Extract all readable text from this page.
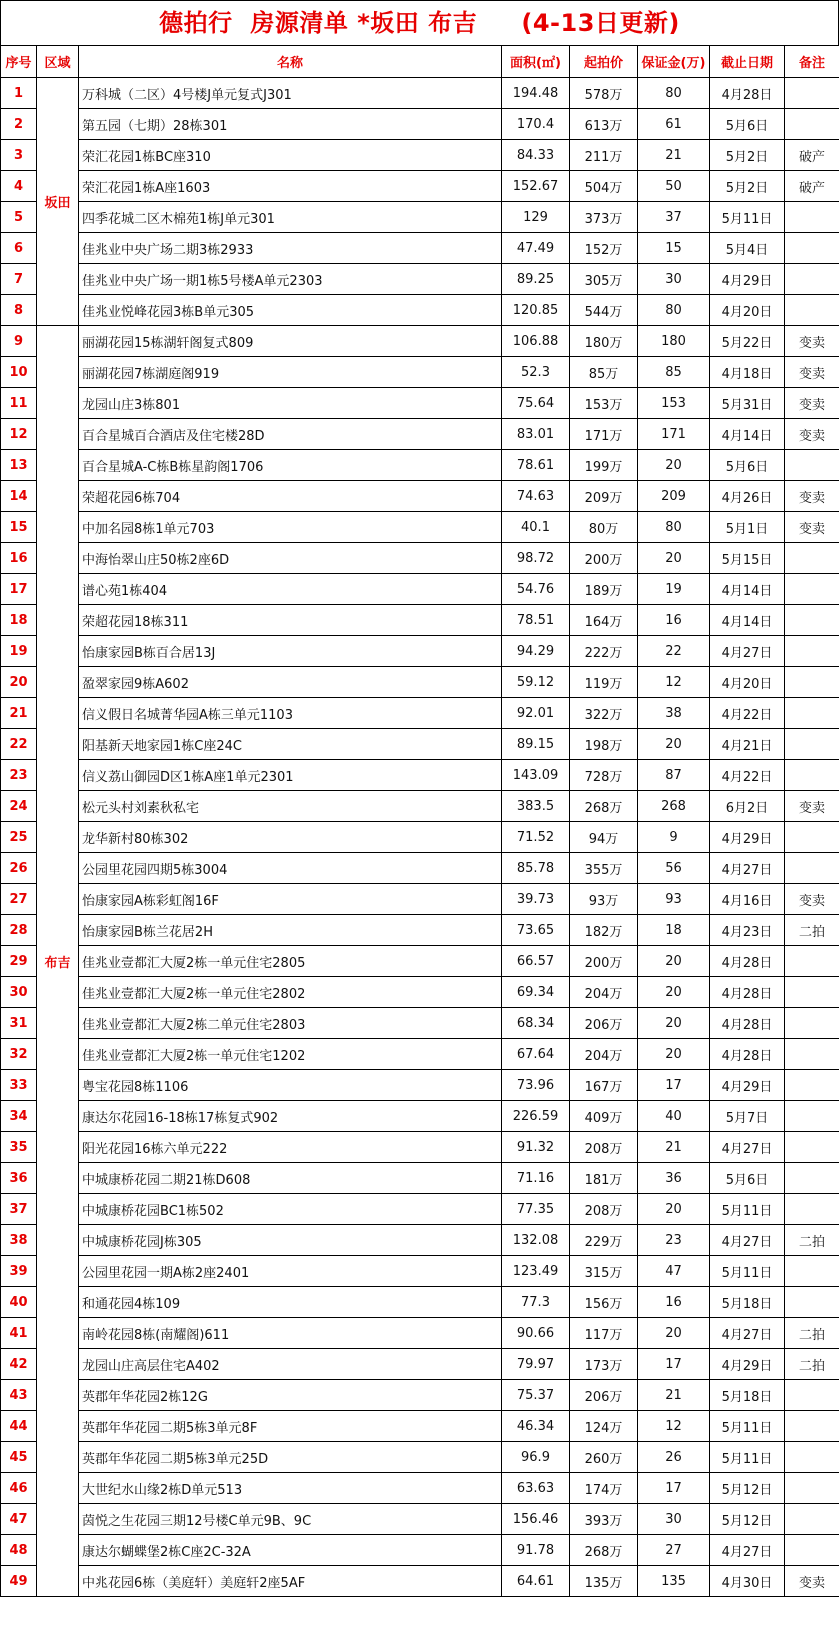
德拍行  房源清单 *坂田 布吉     (4-13日更新)
序号	区域	名称	面积(㎡)	起拍价	保证金(万)	截止日期	备注
1	坂田	万科城（二区）4号楼J单元复式J301	194.48	578万	80	4月28日	
2		第五园（七期）28栋301	170.4	613万	61	5月6日	
3		荣汇花园1栋BC座310	84.33	211万	21	5月2日	破产
4		荣汇花园1栋A座1603	152.67	504万	50	5月2日	破产
5		四季花城二区木棉苑1栋J单元301	129	373万	37	5月11日	
6		佳兆业中央广场二期3栋2933	47.49	152万	15	5月4日	
7		佳兆业中央广场一期1栋5号楼A单元2303	89.25	305万	30	4月29日	
8		佳兆业悦峰花园3栋B单元305	120.85	544万	80	4月20日	
9	布吉	丽湖花园15栋湖轩阁复式809	106.88	180万	180	5月22日	变卖
10		丽湖花园7栋湖庭阁919	52.3	85万	85	4月18日	变卖
11		龙园山庄3栋801	75.64	153万	153	5月31日	变卖
12		百合星城百合酒店及住宅楼28D	83.01	171万	171	4月14日	变卖
13		百合星城A-C栋B栋星韵阁1706	78.61	199万	20	5月6日	
14		荣超花园6栋704	74.63	209万	209	4月26日	变卖
15		中加名园8栋1单元703	40.1	80万	80	5月1日	变卖
16		中海怡翠山庄50栋2座6D	98.72	200万	20	5月15日	
17		谱心苑1栋404	54.76	189万	19	4月14日	
18		荣超花园18栋311	78.51	164万	16	4月14日	
19		怡康家园B栋百合居13J	94.29	222万	22	4月27日	
20		盈翠家园9栋A602	59.12	119万	12	4月20日	
21		信义假日名城菁华园A栋三单元1103	92.01	322万	38	4月22日	
22		阳基新天地家园1栋C座24C	89.15	198万	20	4月21日	
23		信义荔山御园D区1栋A座1单元2301	143.09	728万	87	4月22日	
24		松元头村刘素秋私宅	383.5	268万	268	6月2日	变卖
25		龙华新村80栋302	71.52	94万	9	4月29日	
26		公园里花园四期5栋3004	85.78	355万	56	4月27日	
27		怡康家园A栋彩虹阁16F	39.73	93万	93	4月16日	变卖
28		怡康家园B栋兰花居2H	73.65	182万	18	4月23日	二拍
29		佳兆业壹都汇大厦2栋一单元住宅2805	66.57	200万	20	4月28日	
30		佳兆业壹都汇大厦2栋一单元住宅2802	69.34	204万	20	4月28日	
31		佳兆业壹都汇大厦2栋二单元住宅2803	68.34	206万	20	4月28日	
32		佳兆业壹都汇大厦2栋一单元住宅1202	67.64	204万	20	4月28日	
33		粤宝花园8栋1106	73.96	167万	17	4月29日	
34		康达尔花园16-18栋17栋复式902	226.59	409万	40	5月7日	
35		阳光花园16栋六单元222	91.32	208万	21	4月27日	
36		中城康桥花园二期21栋D608	71.16	181万	36	5月6日	
37		中城康桥花园BC1栋502	77.35	208万	20	5月11日	
38		中城康桥花园J栋305	132.08	229万	23	4月27日	二拍
39		公园里花园一期A栋2座2401	123.49	315万	47	5月11日	
40		和通花园4栋109	77.3	156万	16	5月18日	
41		南岭花园8栋(南耀阁)611	90.66	117万	20	4月27日	二拍
42		龙园山庄高层住宅A402	79.97	173万	17	4月29日	二拍
43		英郡年华花园2栋12G	75.37	206万	21	5月18日	
44		英郡年华花园二期5栋3单元8F	46.34	124万	12	5月11日	
45		英郡年华花园二期5栋3单元25D	96.9	260万	26	5月11日	
46		大世纪水山缘2栋D单元513	63.63	174万	17	5月12日	
47		茵悦之生花园三期12号楼C单元9B、9C	156.46	393万	30	5月12日	
48		康达尔蝴蝶堡2栋C座2C-32A	91.78	268万	27	4月27日	
49		中兆花园6栋（美庭轩）美庭轩2座5AF	64.61	135万	135	4月30日	变卖
